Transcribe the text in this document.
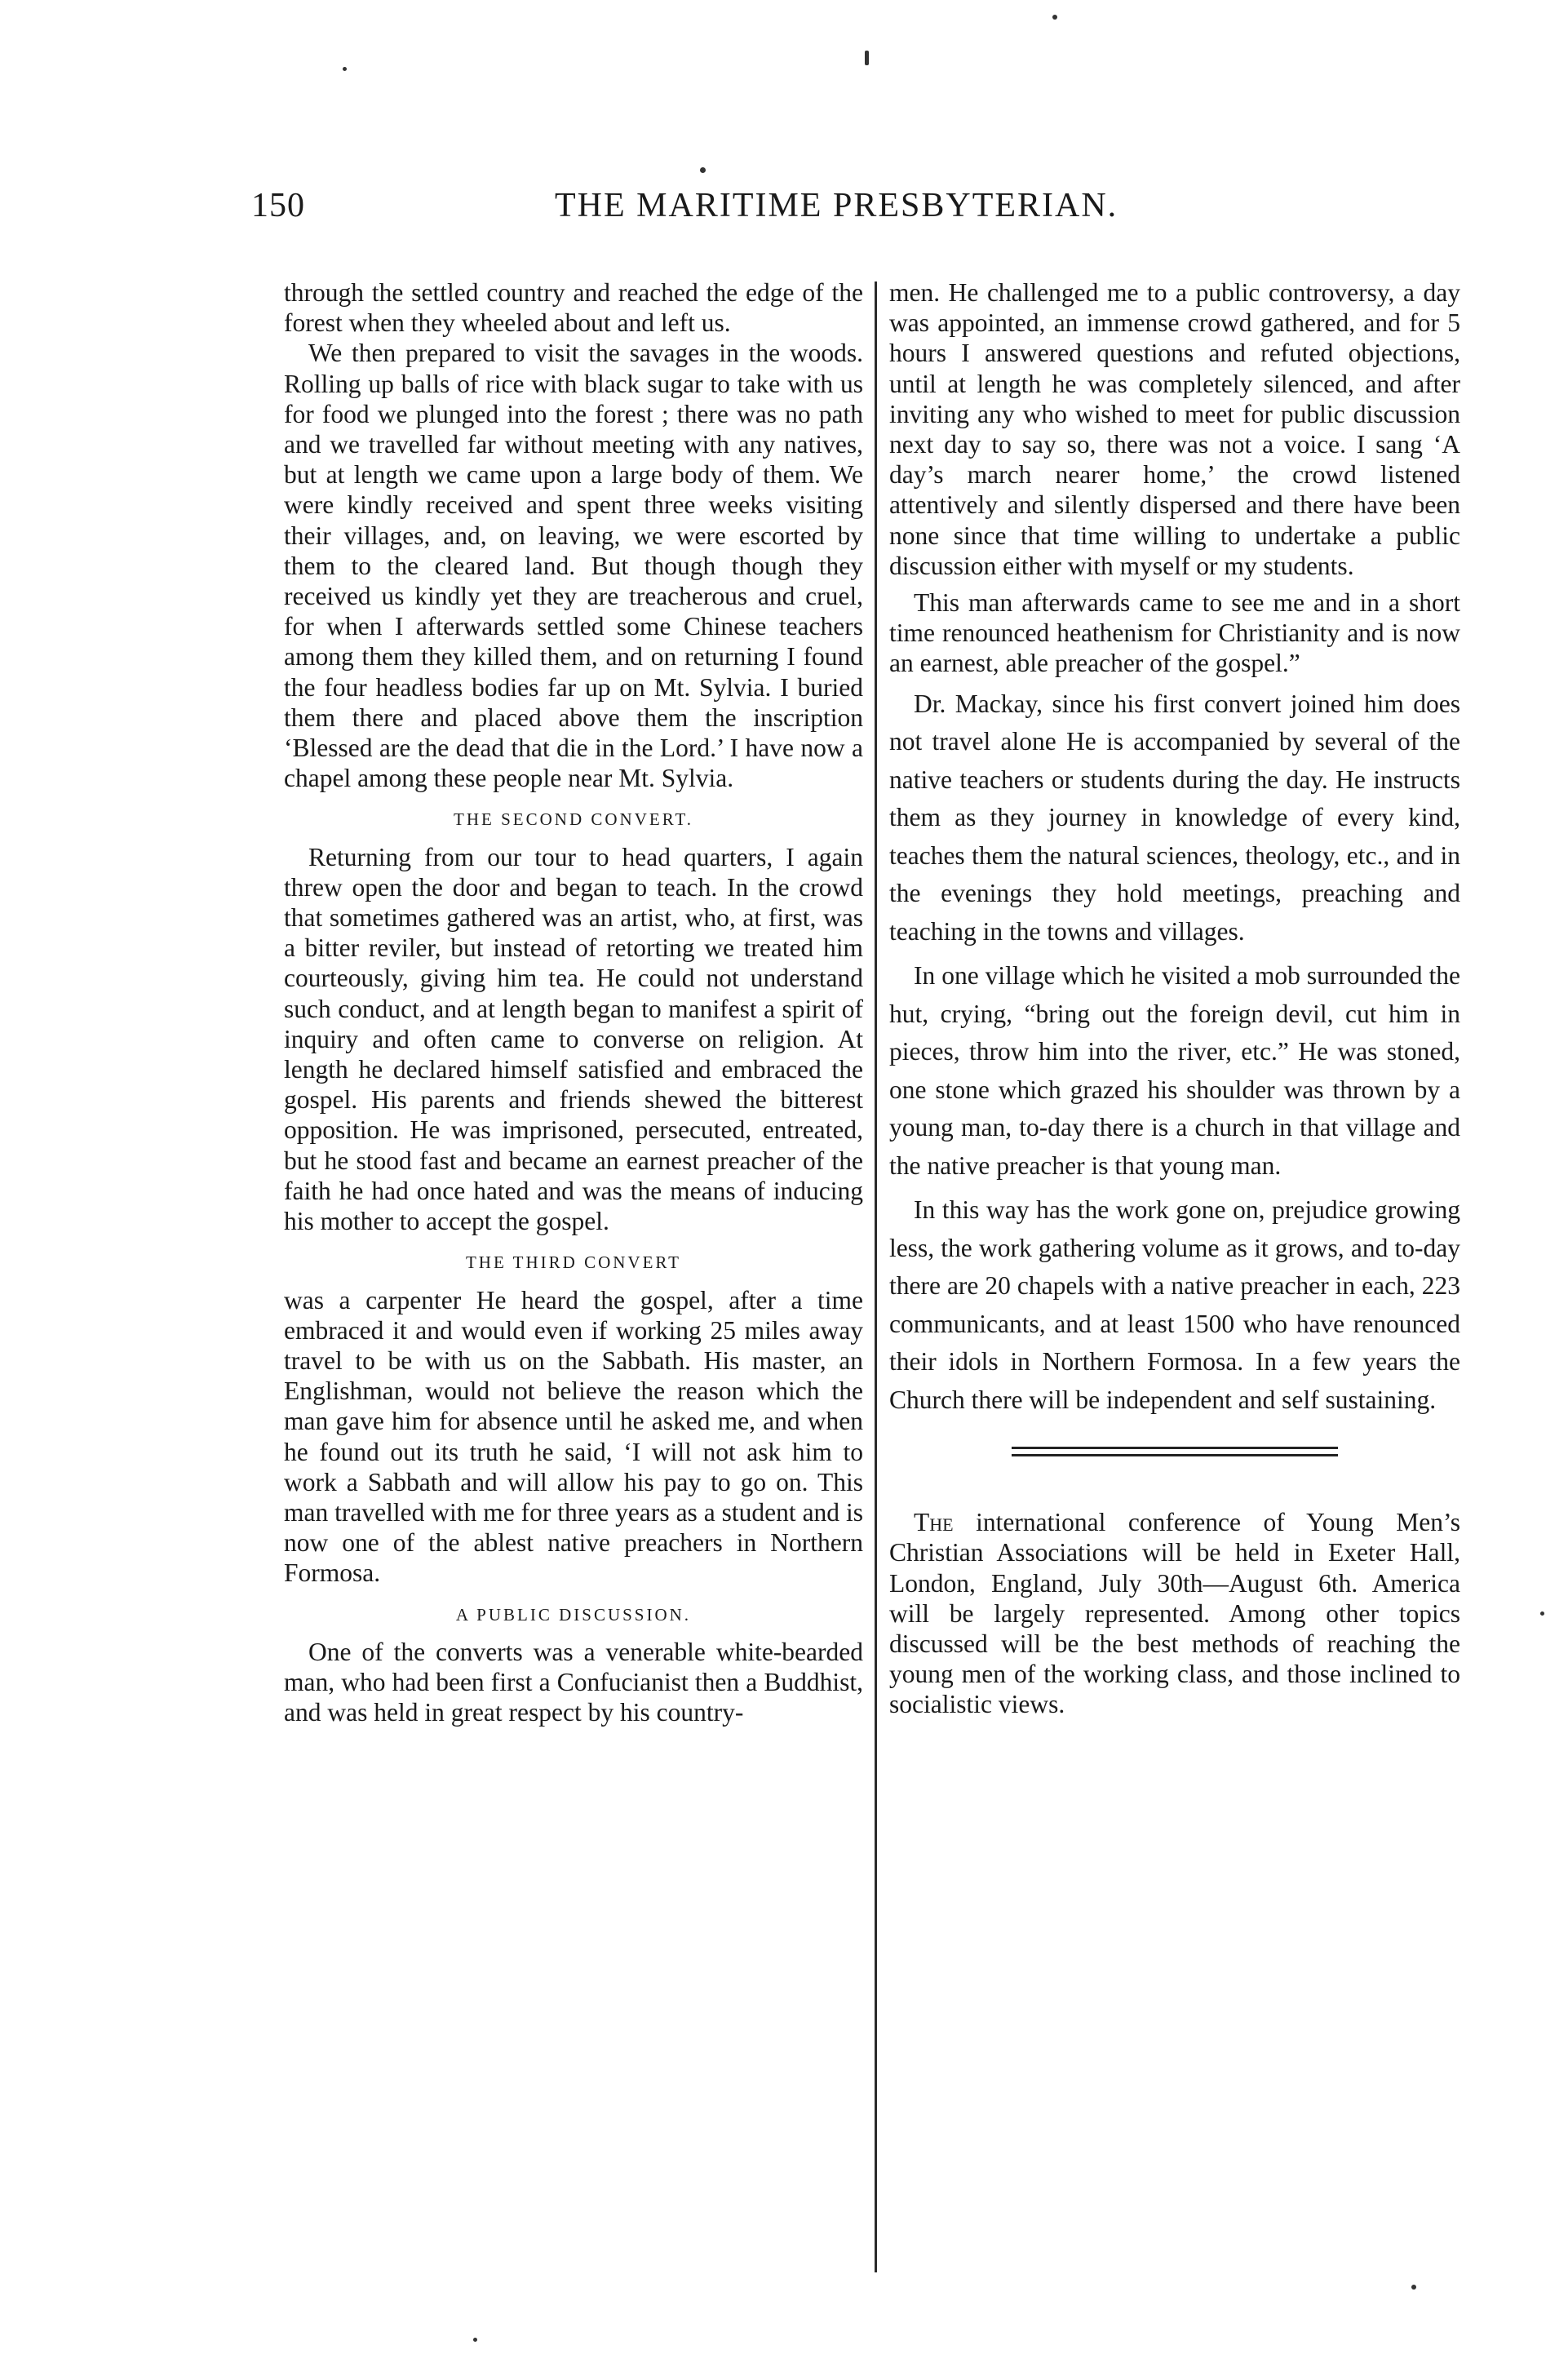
150	THE MARITIME PRESBYTERIAN.

through the settled country and reached the edge of the forest when they wheeled about and left us.

We then prepared to visit the savages in the woods. Rolling up balls of rice with black sugar to take with us for food we plunged into the forest ; there was no path and we travelled far without meeting with any natives, but at length we came upon a large body of them. We were kindly received and spent three weeks visiting their villages, and, on leaving, we were escorted by them to the cleared land. But though though they received us kindly yet they are treacherous and cruel, for when I afterwards settled some Chinese teachers among them they killed them, and on returning I found the four headless bodies far up on Mt. Sylvia. I buried them there and placed above them the inscription ‘Blessed are the dead that die in the Lord.’ I have now a chapel among these people near Mt. Sylvia.

THE SECOND CONVERT.

Returning from our tour to head quarters, I again threw open the door and began to teach. In the crowd that sometimes gathered was an artist, who, at first, was a bitter reviler, but instead of retorting we treated him courteously, giving him tea. He could not understand such conduct, and at length began to manifest a spirit of inquiry and often came to converse on religion. At length he declared himself satisfied and embraced the gospel. His parents and friends shewed the bitterest opposition. He was imprisoned, persecuted, entreated, but he stood fast and became an earnest preacher of the faith he had once hated and was the means of inducing his mother to accept the gospel.

THE THIRD CONVERT

was a carpenter He heard the gospel, after a time embraced it and would even if working 25 miles away travel to be with us on the Sabbath. His master, an Englishman, would not believe the reason which the man gave him for absence until he asked me, and when he found out its truth he said, ‘I will not ask him to work a Sabbath and will allow his pay to go on. This man travelled with me for three years as a student and is now one of the ablest native preachers in Northern Formosa.

A PUBLIC DISCUSSION.

One of the converts was a venerable white-bearded man, who had been first a Confucianist then a Buddhist, and was held in great respect by his country-

men. He challenged me to a public controversy, a day was appointed, an immense crowd gathered, and for 5 hours I answered questions and refuted objections, until at length he was completely silenced, and after inviting any who wished to meet for public discussion next day to say so, there was not a voice. I sang ‘A day’s march nearer home,’ the crowd listened attentively and silently dispersed and there have been none since that time willing to undertake a public discussion either with myself or my students.

This man afterwards came to see me and in a short time renounced heathenism for Christianity and is now an earnest, able preacher of the gospel.”

Dr. Mackay, since his first convert joined him does not travel alone He is accompanied by several of the native teachers or students during the day. He instructs them as they journey in knowledge of every kind, teaches them the natural sciences, theology, etc., and in the evenings they hold meetings, preaching and teaching in the towns and villages.

In one village which he visited a mob surrounded the hut, crying, “bring out the foreign devil, cut him in pieces, throw him into the river, etc.” He was stoned, one stone which grazed his shoulder was thrown by a young man, to-day there is a church in that village and the native preacher is that young man.

In this way has the work gone on, prejudice growing less, the work gathering volume as it grows, and to-day there are 20 chapels with a native preacher in each, 223 communicants, and at least 1500 who have renounced their idols in Northern Formosa. In a few years the Church there will be independent and self sustaining.

The international conference of Young Men’s Christian Associations will be held in Exeter Hall, London, England, July 30th—August 6th. America will be largely represented. Among other topics discussed will be the best methods of reaching the young men of the working class, and those inclined to socialistic views.
